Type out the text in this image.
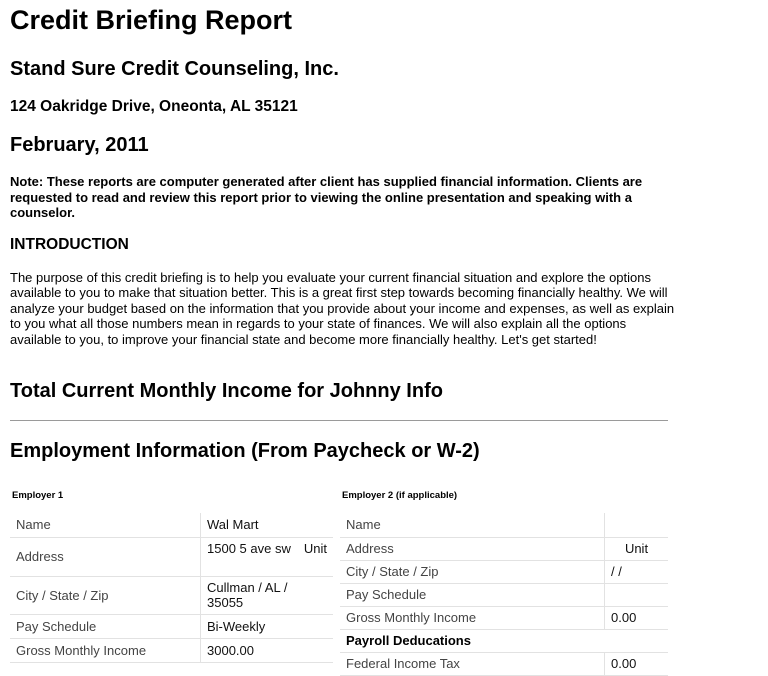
Credit Briefing Report
Stand Sure Credit Counseling, Inc.
124 Oakridge Drive, Oneonta, AL 35121
February, 2011

Note: These reports are computer generated after client has supplied financial information. Clients are requested to read and review this report prior to viewing the online presentation and speaking with a counselor.

INTRODUCTION

The purpose of this credit briefing is to help you evaluate your current financial situation and explore the options available to you to make that situation better. This is a great first step towards becoming financially healthy. We will analyze your budget based on the information that you provide about your income and expenses, as well as explain to you what all those numbers mean in regards to your state of finances. We will also explain all the options available to you, to improve your financial state and become more financially healthy. Let's get started!

Total Current Monthly Income for Johnny Info
Employment Information (From Paycheck or W-2)
Employer 1	Employer 2 (if applicable)
Name	Wal Mart
Address	1500 5 ave sw Unit

City / State / Zip	Cullman / AL / 35055
Pay Schedule	Bi-Weekly
Gross Monthly Income	3000.00
Name	
Address	Unit
City / State / Zip	/ /
Pay Schedule	
Gross Monthly Income	0.00
Payroll Deducations	
Federal Income Tax	0.00
